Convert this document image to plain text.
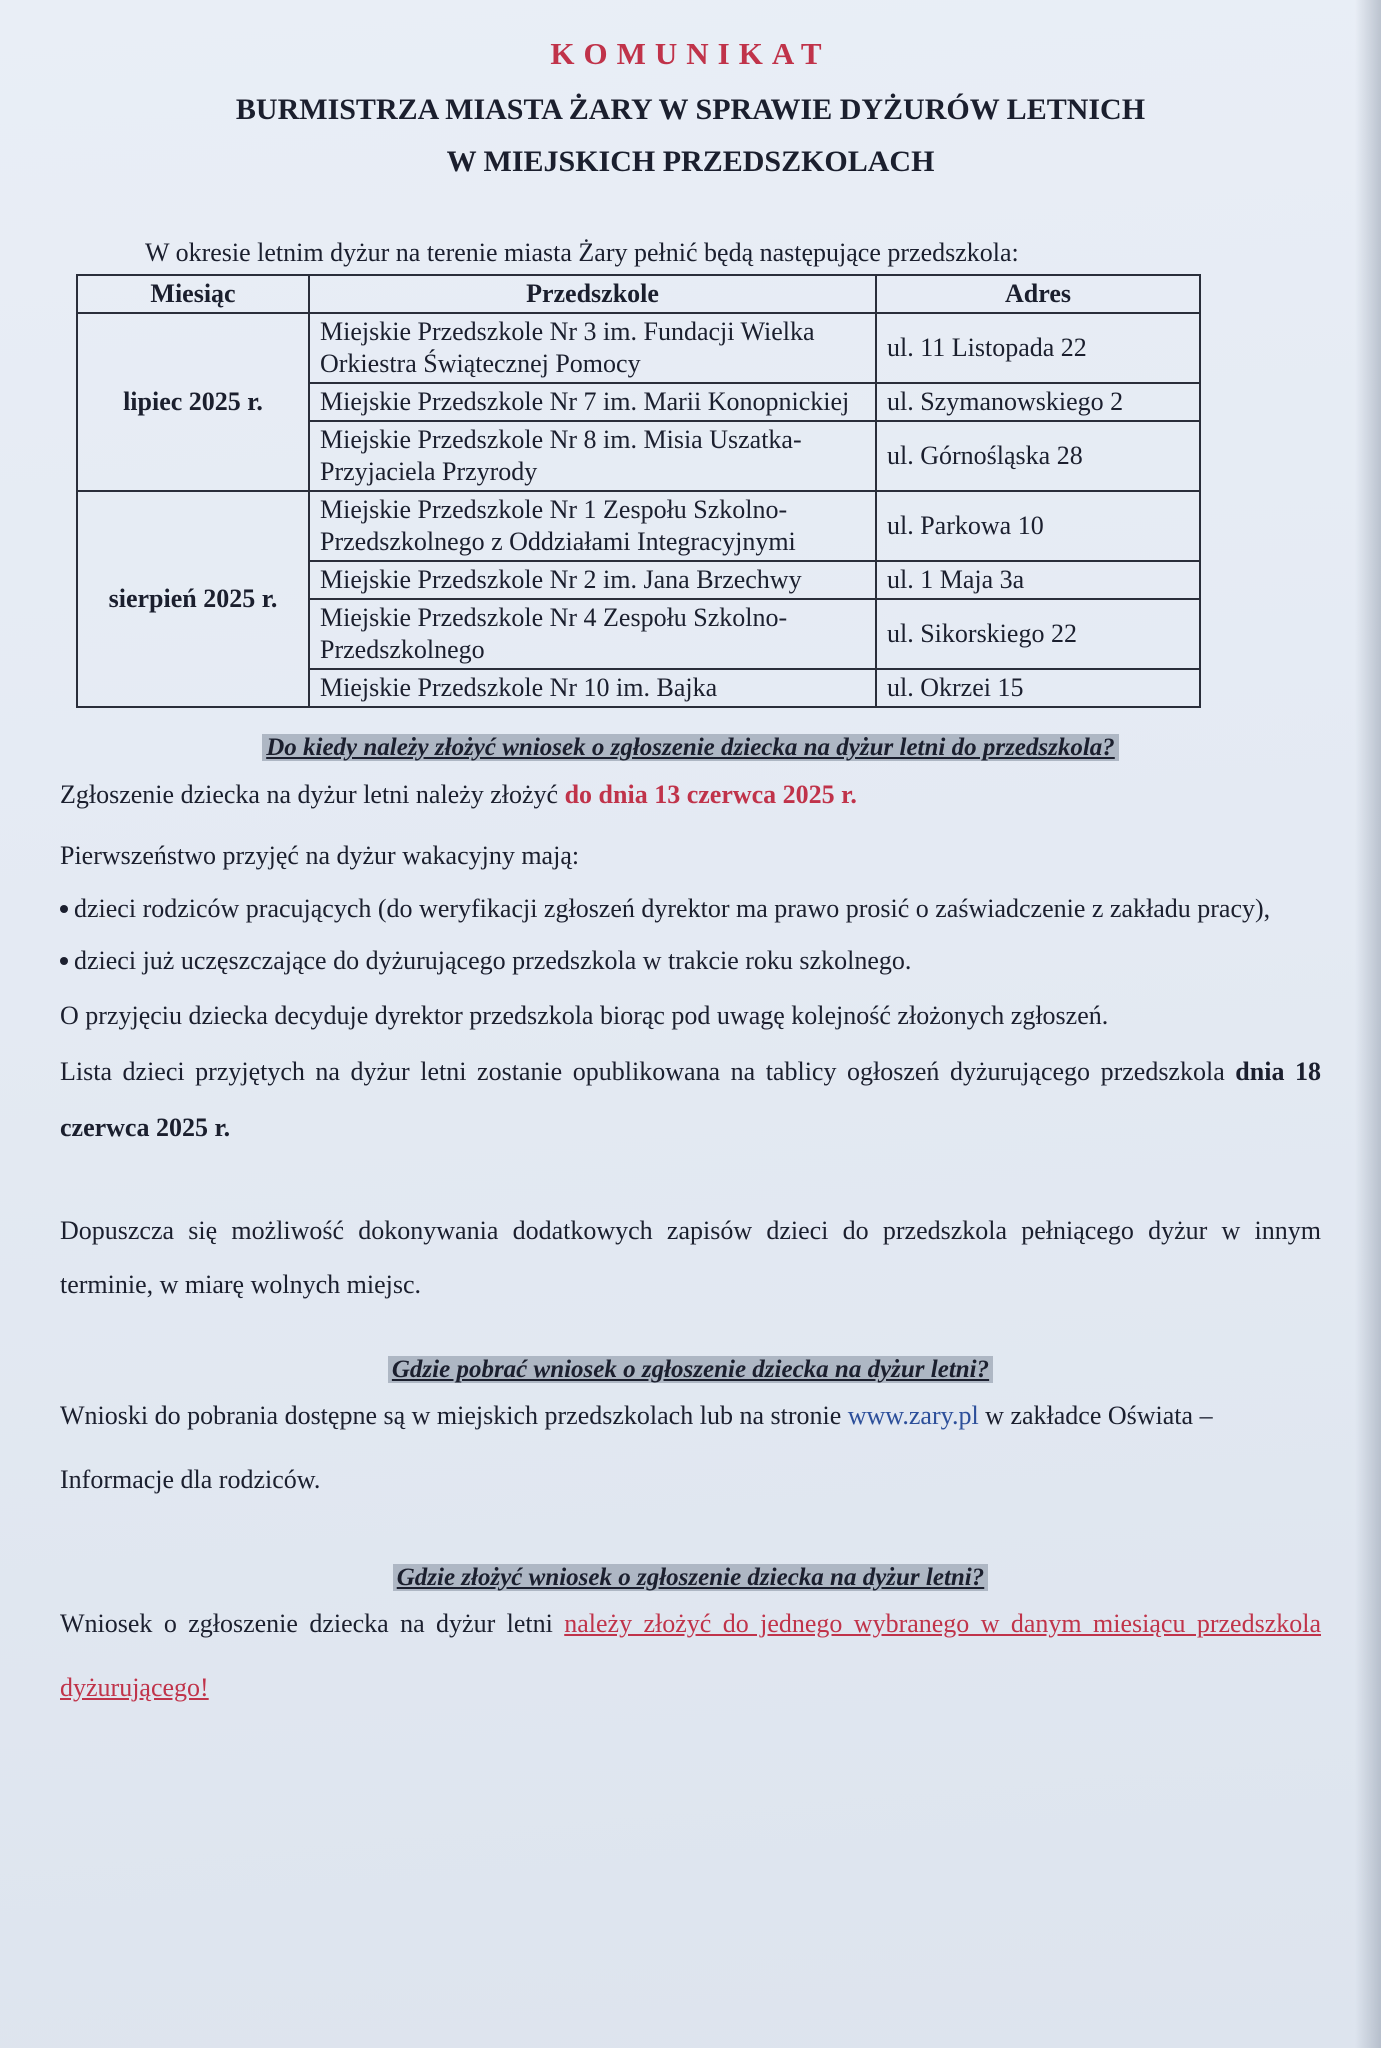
KOMUNIKAT

BURMISTRZA MIASTA ŻARY W SPRAWIE DYŻURÓW LETNICH

W MIEJSKICH PRZEDSZKOLACH

W okresie letnim dyżur na terenie miasta Żary pełnić będą następujące przedszkola:
Miesiąc	Przedszkole	Adres
lipiec 2025 r.	Miejskie Przedszkole Nr 3 im. Fundacji Wielka Orkiestra Świątecznej Pomocy	ul. 11 Listopada 22
	Miejskie Przedszkole Nr 7 im. Marii Konopnickiej	ul. Szymanowskiego 2
	Miejskie Przedszkole Nr 8 im. Misia Uszatka-Przyjaciela Przyrody	ul. Górnośląska 28
sierpień 2025 r.	Miejskie Przedszkole Nr 1 Zespołu Szkolno-Przedszkolnego z Oddziałami Integracyjnymi	ul. Parkowa 10
	Miejskie Przedszkole Nr 2 im. Jana Brzechwy	ul. 1 Maja 3a
	Miejskie Przedszkole Nr 4 Zespołu Szkolno-Przedszkolnego	ul. Sikorskiego 22
	Miejskie Przedszkole Nr 10 im. Bajka	ul. Okrzei 15

Do kiedy należy złożyć wniosek o zgłoszenie dziecka na dyżur letni do przedszkola?

Zgłoszenie dziecka na dyżur letni należy złożyć do dnia 13 czerwca 2025 r.

Pierwszeństwo przyjęć na dyżur wakacyjny mają:

dzieci rodziców pracujących (do weryfikacji zgłoszeń dyrektor ma prawo prosić o zaświadczenie z zakładu pracy),

dzieci już uczęszczające do dyżurującego przedszkola w trakcie roku szkolnego.

O przyjęciu dziecka decyduje dyrektor przedszkola biorąc pod uwagę kolejność złożonych zgłoszeń.

Lista dzieci przyjętych na dyżur letni zostanie opublikowana na tablicy ogłoszeń dyżurującego przedszkola dnia 18 czerwca 2025 r.

Dopuszcza się możliwość dokonywania dodatkowych zapisów dzieci do przedszkola pełniącego dyżur w innym terminie, w miarę wolnych miejsc.

Gdzie pobrać wniosek o zgłoszenie dziecka na dyżur letni?

Wnioski do pobrania dostępne są w miejskich przedszkolach lub na stronie www.zary.pl w zakładce Oświata – Informacje dla rodziców.

Gdzie złożyć wniosek o zgłoszenie dziecka na dyżur letni?

Wniosek o zgłoszenie dziecka na dyżur letni należy złożyć do jednego wybranego w danym miesiącu przedszkola dyżurującego!
